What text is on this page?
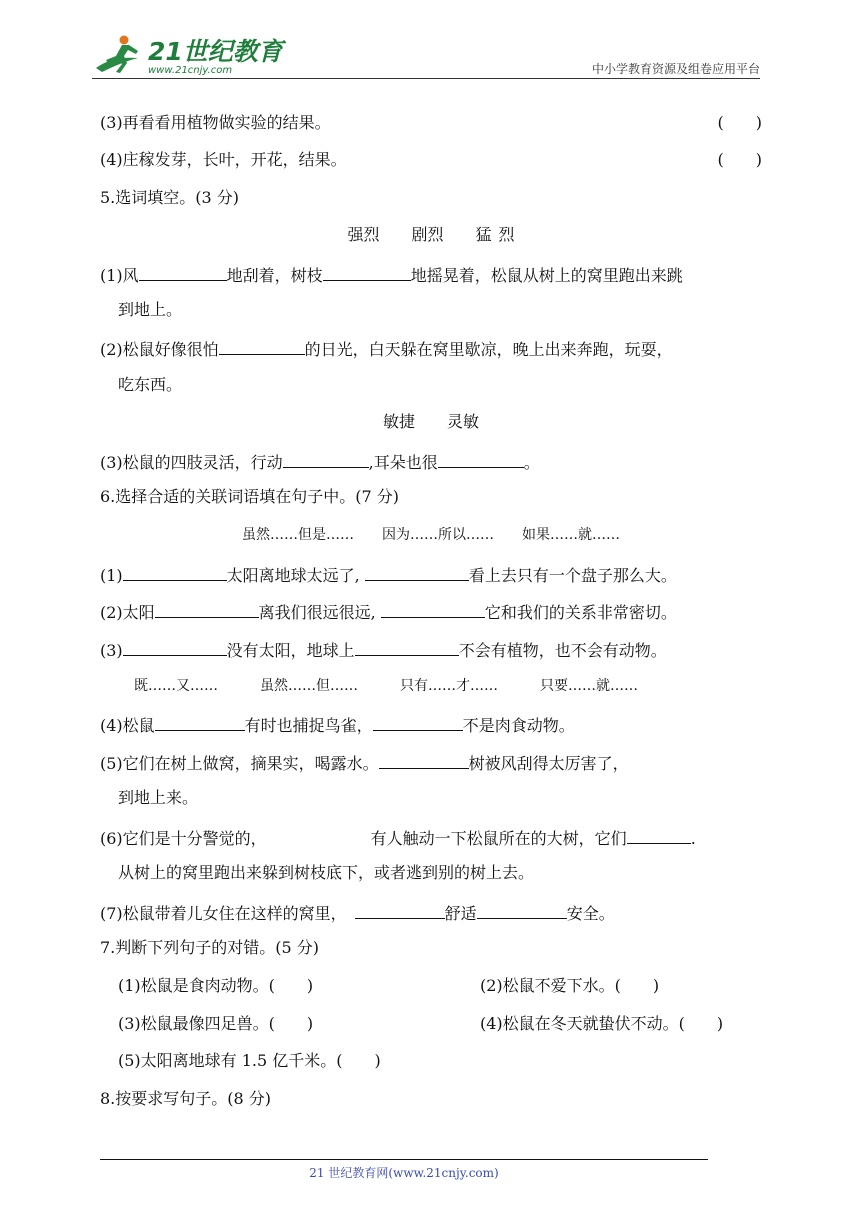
21世纪教育
www.21cnjy.com	中小学教育资源及组卷应用平台
(3)再看看用植物做实验的结果。	(　　)
(4)庄稼发芽，长叶，开花，结果。	(　　)
5.选词填空。(3 分)
强烈　　剧烈　　猛 烈
(1)风	地刮着，树枝	地摇晃着，松鼠从树上的窝里跑出来跳
到地上。
(2)松鼠好像很怕	的日光，白天躲在窝里歇凉，晚上出来奔跑，玩耍，
吃东西。
敏捷　　灵敏
(3)松鼠的四肢灵活，行动	,耳朵也很	。
6.选择合适的关联词语填在句子中。(7 分)
虽然……但是……　　因为……所以……　　如果……就……
(1)	太阳离地球太远了,	看上去只有一个盘子那么大。
(2)太阳	离我们很远很远,	它和我们的关系非常密切。
(3)	没有太阳，地球上	不会有植物，也不会有动物。
既……又……　　　虽然……但……　　　只有……才……　　　只要……就……
(4)松鼠	有时也捕捉鸟雀，	不是肉食动物。
(5)它们在树上做窝，摘果实，喝露水。	树被风刮得太厉害了，
到地上来。
(6)它们是十分警觉的，	有人触动一下松鼠所在的大树，它们	.
从树上的窝里跑出来躲到树枝底下，或者逃到别的树上去。
(7)松鼠带着儿女住在这样的窝里，	舒适	安全。
7.判断下列句子的对错。(5 分)
(1)松鼠是食肉动物。(　　)	(2)松鼠不爱下水。(　　)
(3)松鼠最像四足兽。(　　)	(4)松鼠在冬天就蛰伏不动。(　　)
(5)太阳离地球有 1.5 亿千米。(　　)
8.按要求写句子。(8 分)
21 世纪教育网(www.21cnjy.com)
